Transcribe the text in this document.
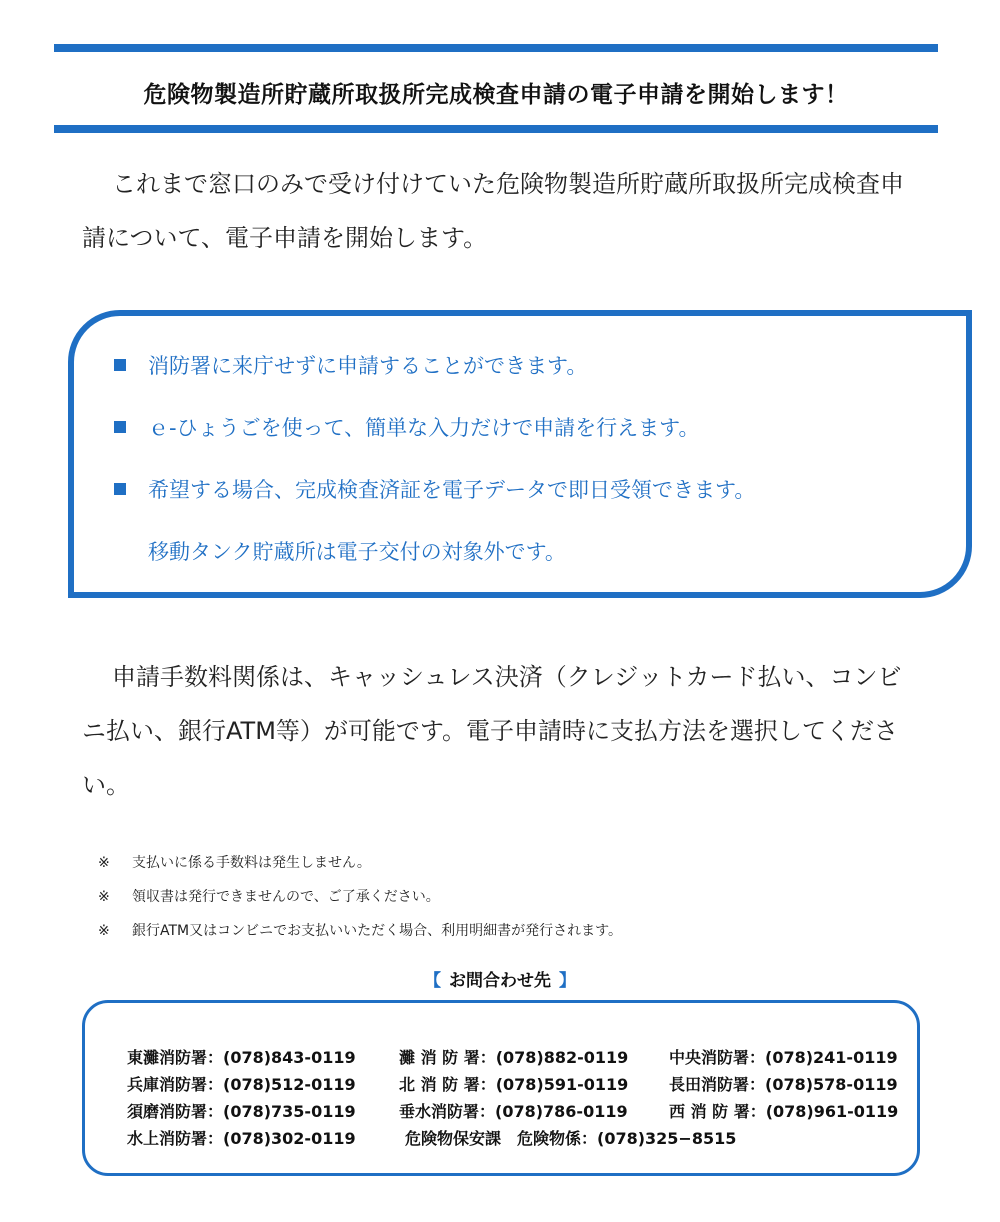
危険物製造所貯蔵所取扱所完成検査申請の電子申請を開始します！
これまで窓口のみで受け付けていた危険物製造所貯蔵所取扱所完成検査申請について、電子申請を開始します。
消防署に来庁せずに申請することができます。
ｅ-ひょうごを使って、簡単な入力だけで申請を行えます。
希望する場合、完成検査済証を電子データで即日受領できます。
移動タンク貯蔵所は電子交付の対象外です。
申請手数料関係は、キャッシュレス決済（クレジットカード払い、コンビニ払い、銀行ATM等）が可能です。電子申請時に支払方法を選択してください。
※ 支払いに係る手数料は発生しません。
※ 領収書は発行できませんので、ご了承ください。
※ 銀行ATM又はコンビニでお支払いいただく場合、利用明細書が発行されます。
【 お問合わせ先 】
東灘消防署：(078)843-0119	灘 消 防 署：(078)882-0119	中央消防署：(078)241-0119
兵庫消防署：(078)512-0119	北 消 防 署：(078)591-0119	長田消防署：(078)578-0119
須磨消防署：(078)735-0119	垂水消防署：(078)786-0119	西 消 防 署：(078)961-0119
水上消防署：(078)302-0119	危険物保安課　危険物係：(078)325−8515
